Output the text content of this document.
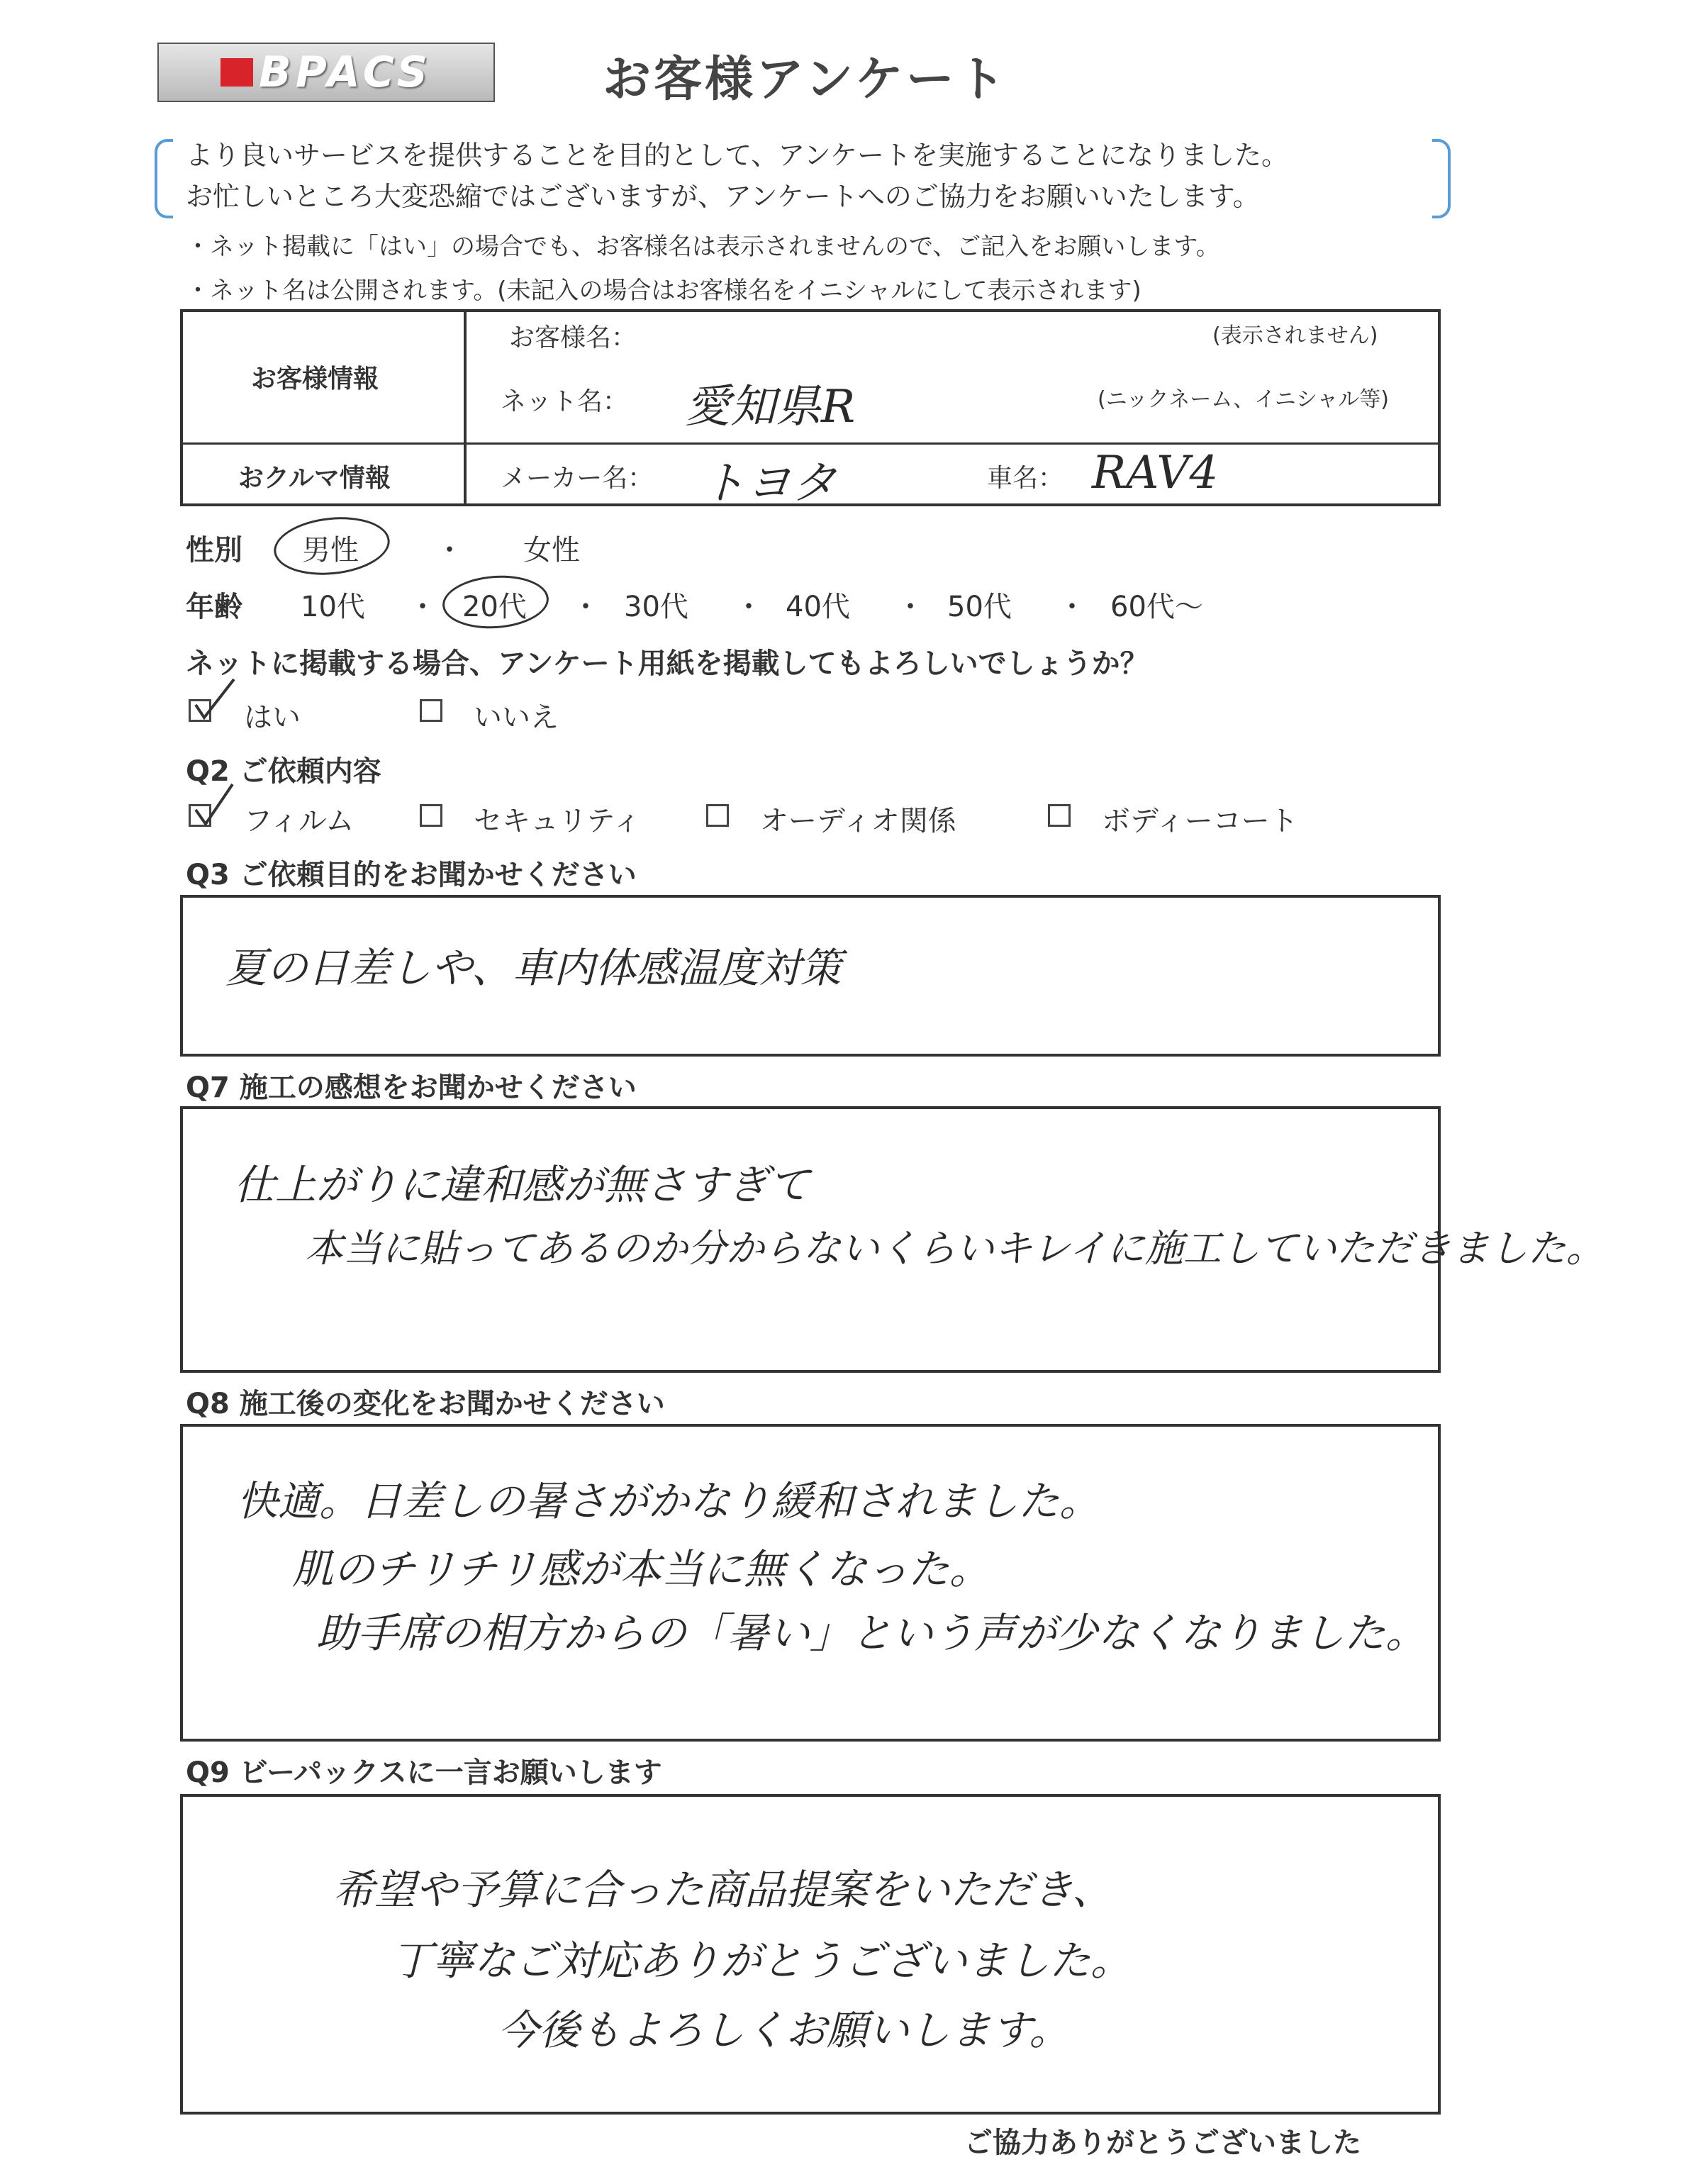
BPACS	お客様アンケート
より良いサービスを提供することを目的として、アンケートを実施することになりました。
お忙しいところ大変恐縮ではございますが、アンケートへのご協力をお願いいたします。
・ネット掲載に「はい」の場合でも、お客様名は表示されませんので、ご記入をお願いします。
・ネット名は公開されます。(未記入の場合はお客様名をイニシャルにして表示されます)
お客様情報
お客様名：	(表示されません)
ネット名： 愛知県R	(ニックネーム、イニシャル等)
おクルマ情報	メーカー名： トヨタ	車名： RAV4
性別 男性	・ 女性
年齢 10代 ・ 20代 ・ 30代 ・ 40代 ・ 50代 ・ 60代〜
ネットに掲載する場合、アンケート用紙を掲載してもよろしいでしょうか？
はい	いいえ
Q2 ご依頼内容
フィルム	セキュリティ	オーディオ関係	ボディーコート
Q3 ご依頼目的をお聞かせください
夏の日差しや、車内体感温度対策
Q7 施工の感想をお聞かせください
仕上がりに違和感が無さすぎて
本当に貼ってあるのか分からないくらいキレイに施工していただきました。
Q8 施工後の変化をお聞かせください
快適。日差しの暑さがかなり緩和されました。
肌のチリチリ感が本当に無くなった。
助手席の相方からの「暑い」という声が少なくなりました。
Q9 ビーパックスに一言お願いします
希望や予算に合った商品提案をいただき、
丁寧なご対応ありがとうございました。
今後もよろしくお願いします。
ご協力ありがとうございました
